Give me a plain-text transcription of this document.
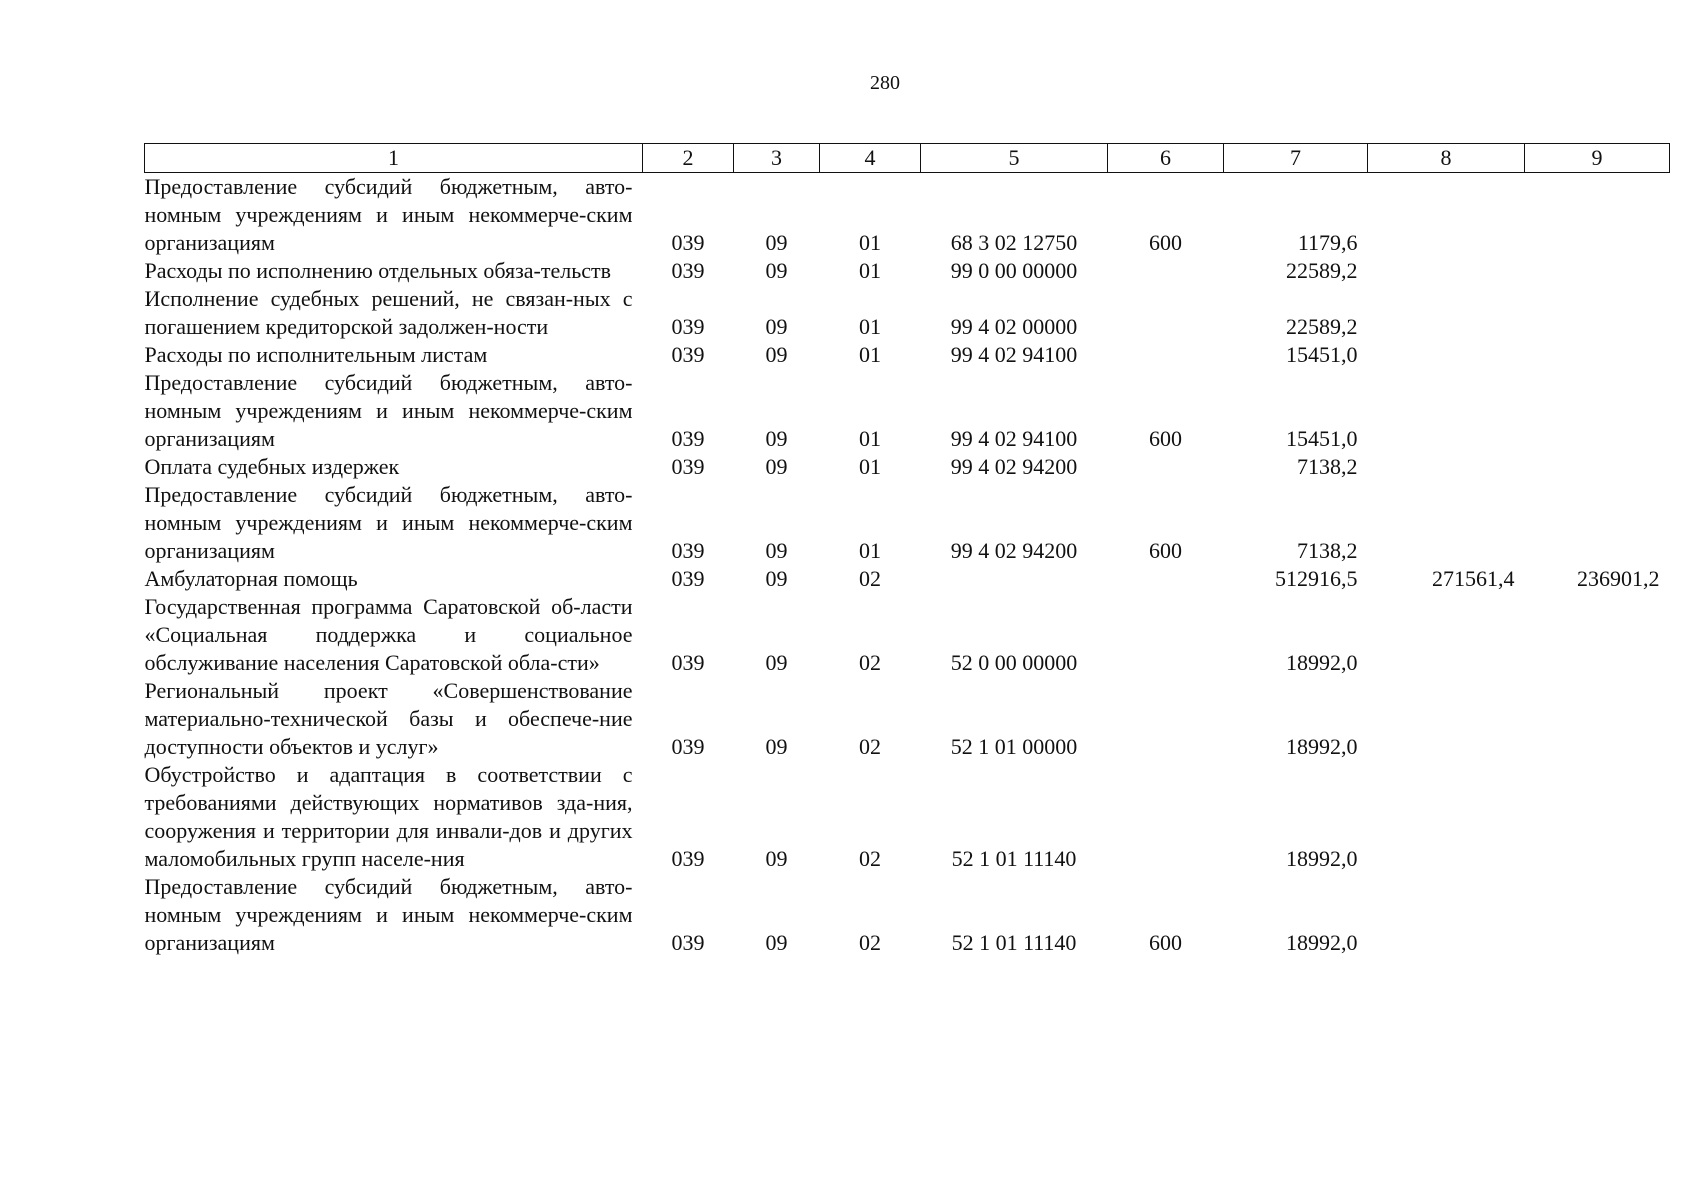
280
1	2	3	4	5	6	7	8	9
Предоставление субсидий бюджетным, авто-номным учреждениям и иным некоммерче-ским организациям	039	09	01	68 3 02 12750	600	1179,6		
Расходы по исполнению отдельных обяза-тельств	039	09	01	99 0 00 00000		22589,2		
Исполнение судебных решений, не связан-ных с погашением кредиторской задолжен-ности	039	09	01	99 4 02 00000		22589,2		
Расходы по исполнительным листам	039	09	01	99 4 02 94100		15451,0		
Предоставление субсидий бюджетным, авто-номным учреждениям и иным некоммерче-ским организациям	039	09	01	99 4 02 94100	600	15451,0		
Оплата судебных издержек	039	09	01	99 4 02 94200		7138,2		
Предоставление субсидий бюджетным, авто-номным учреждениям и иным некоммерче-ским организациям	039	09	01	99 4 02 94200	600	7138,2		
Амбулаторная помощь	039	09	02			512916,5	271561,4	236901,2
Государственная программа Саратовской об-ласти «Социальная поддержка и социальное обслуживание населения Саратовской обла-сти»	039	09	02	52 0 00 00000		18992,0		
Региональный проект «Совершенствование материально-технической базы и обеспече-ние доступности объектов и услуг»	039	09	02	52 1 01 00000		18992,0		
Обустройство и адаптация в соответствии с требованиями действующих нормативов зда-ния, сооружения и территории для инвали-дов и других маломобильных групп населе-ния	039	09	02	52 1 01 11140		18992,0		
Предоставление субсидий бюджетным, авто-номным учреждениям и иным некоммерче-ским организациям	039	09	02	52 1 01 11140	600	18992,0		
